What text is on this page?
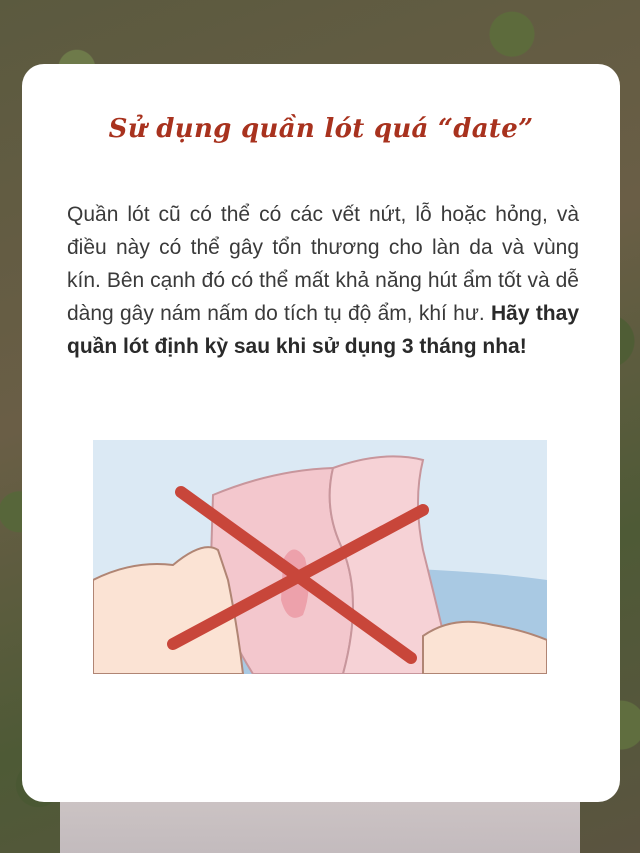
Sử dụng quần lót quá “date”
Quần lót cũ có thể có các vết nứt, lỗ hoặc hỏng, và điều này có thể gây tổn thương cho làn da và vùng kín. Bên cạnh đó có thể mất khả năng hút ẩm tốt và dễ dàng gây nám nấm do tích tụ độ ẩm, khí hư. Hãy thay quần lót định kỳ sau khi sử dụng 3 tháng nha!
